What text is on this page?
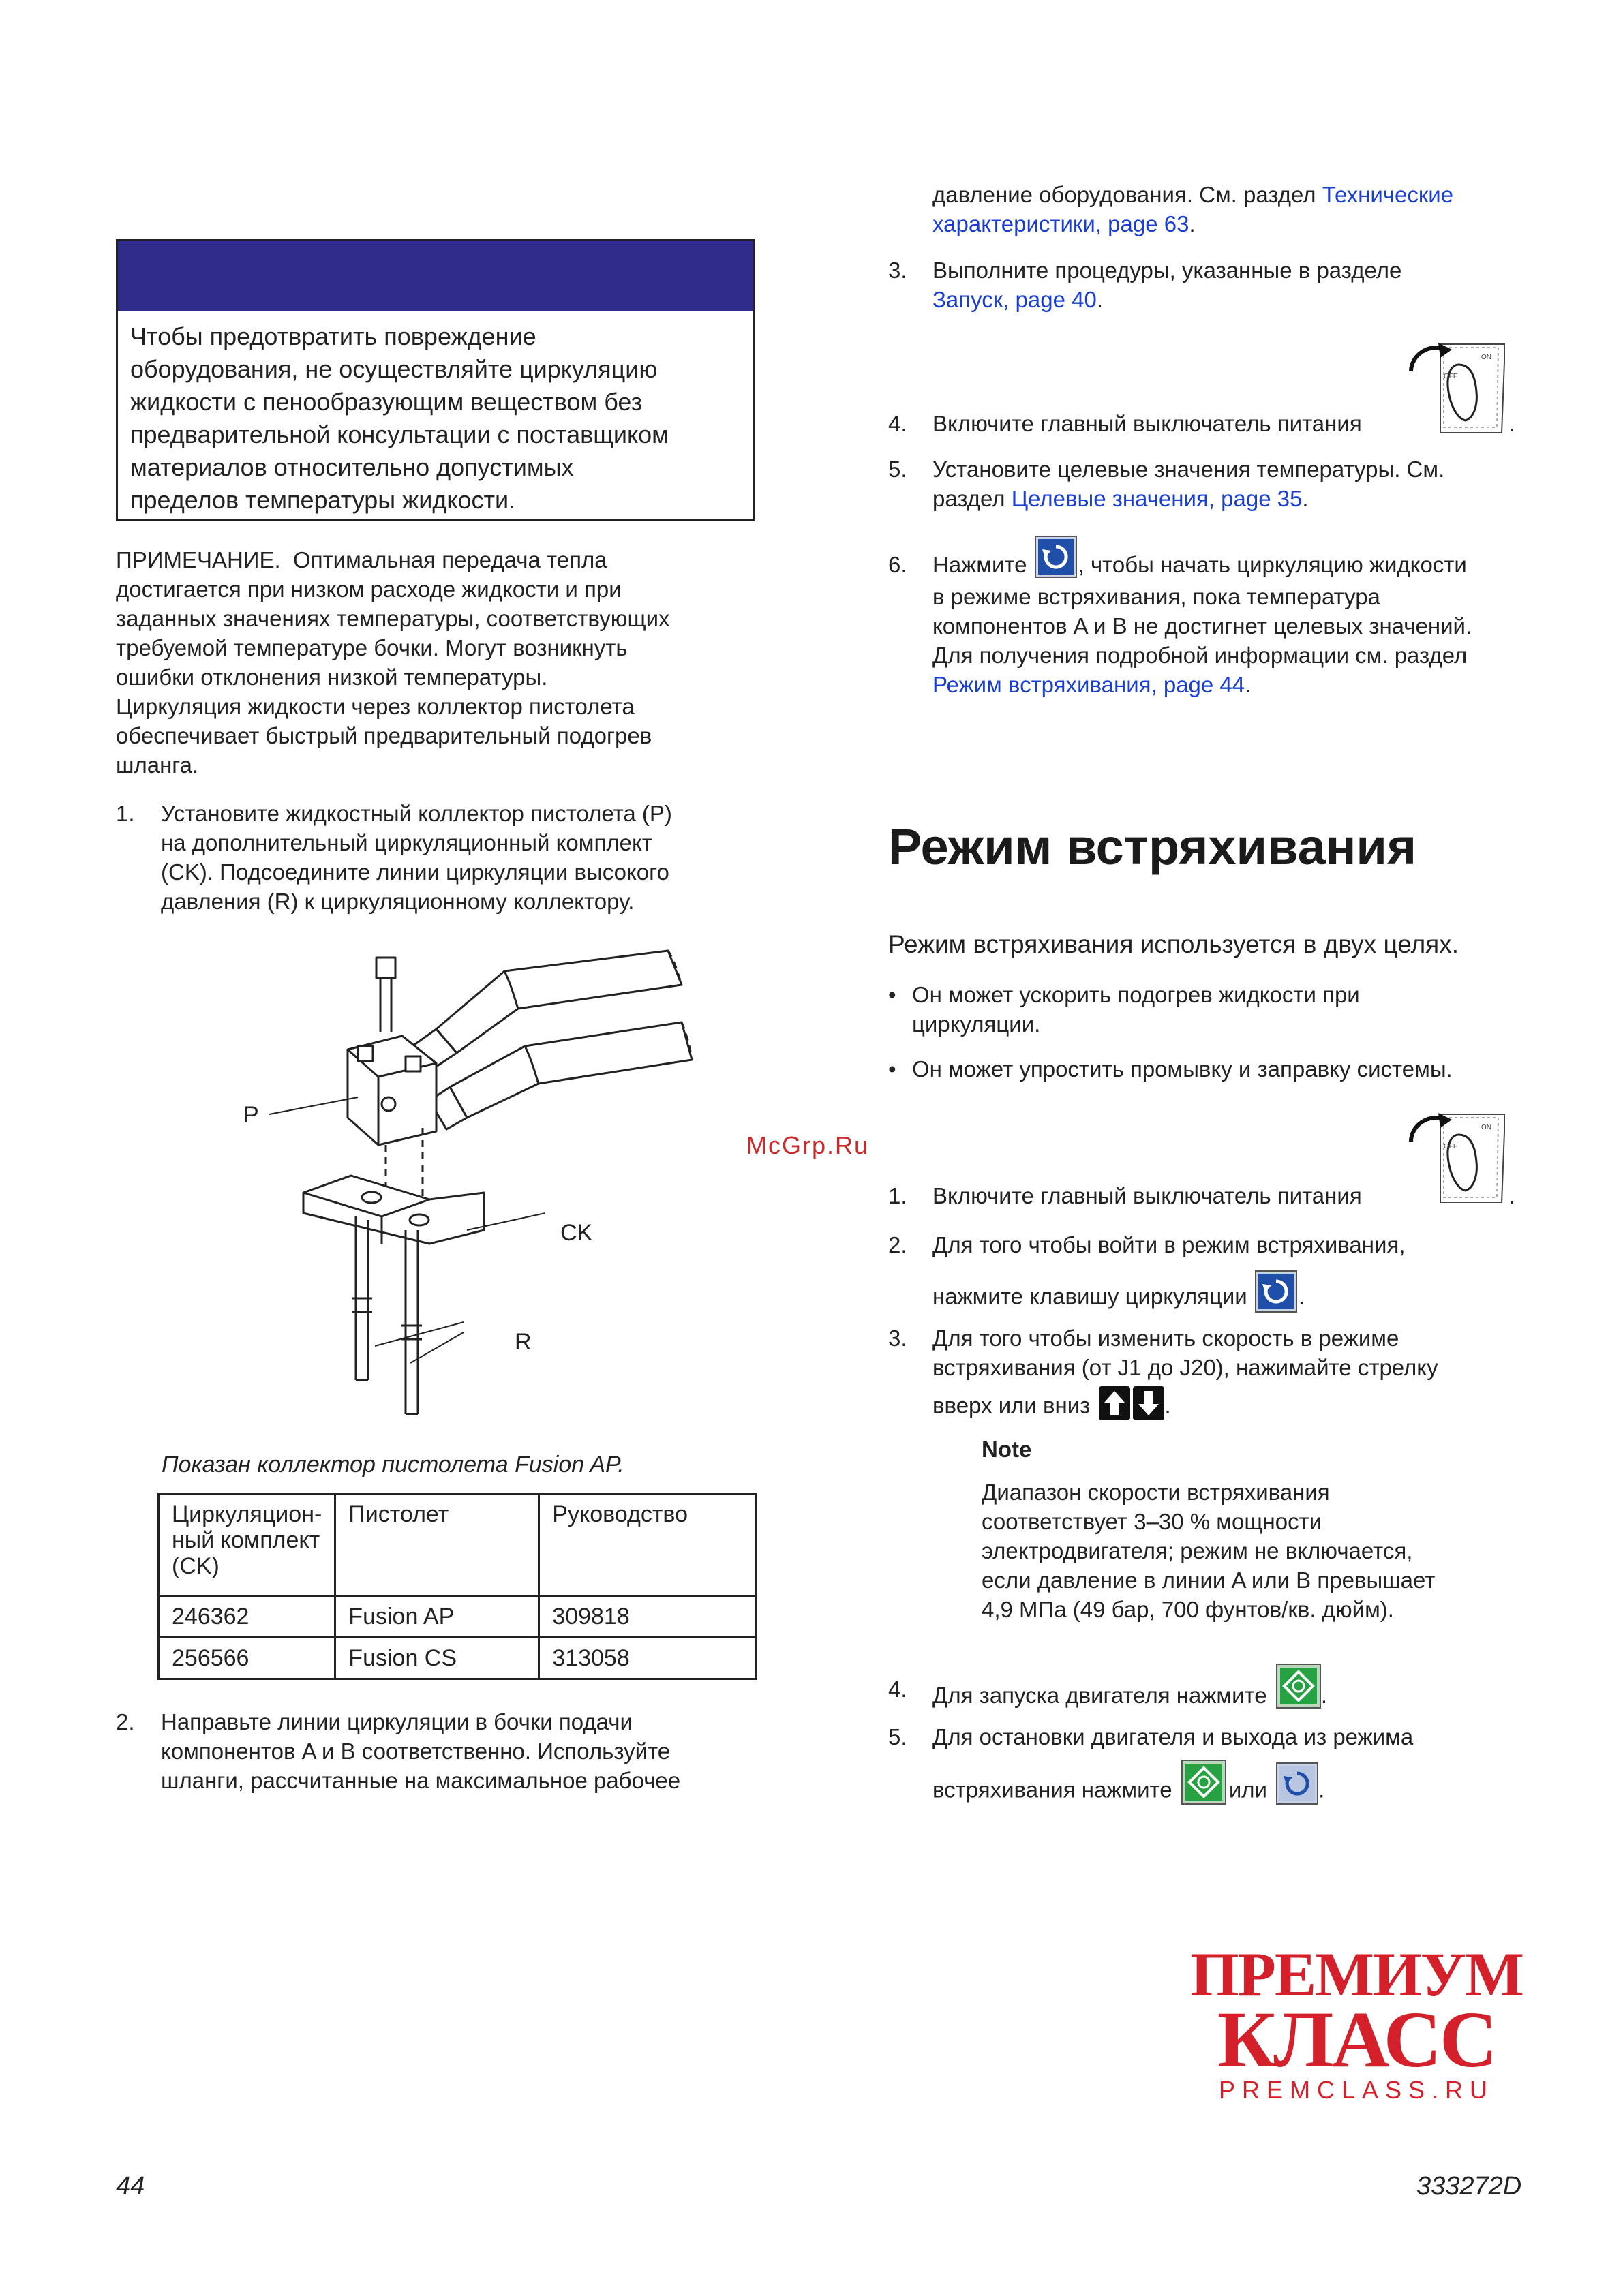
Чтобы предотвратить повреждение
оборудования, не осуществляйте циркуляцию
жидкости с пенообразующим веществом без
предварительной консультации с поставщиком
материалов относительно допустимых
пределов температуры жидкости.
ПРИМЕЧАНИЕ. Оптимальная передача тепла
достигается при низком расходе жидкости и при
заданных значениях температуры, соответствующих
требуемой температуре бочки. Могут возникнуть
ошибки отклонения низкой температуры.
Циркуляция жидкости через коллектор пистолета
обеспечивает быстрый предварительный подогрев
шланга.
1. Установите жидкостный коллектор пистолета (P)
на дополнительный циркуляционный комплект
(CK). Подсоедините линии циркуляции высокого
давления (R) к циркуляционному коллектору.
P
CK
R
Показан коллектор пистолета Fusion AP.
Циркуляцион-
ный комплект
(CK)	Пистолет	Руководство
246362	Fusion AP	309818
256566	Fusion CS	313058
2. Направьте линии циркуляции в бочки подачи
компонентов A и B соответственно. Используйте
шланги, рассчитанные на максимальное рабочее
давление оборудования. См. раздел Технические
характеристики, page 63.
3. Выполните процедуры, указанные в разделе
Запуск, page 40.
ON
OFF
4. Включите главный выключатель питания	.
5. Установите целевые значения температуры. См.
раздел Целевые значения, page 35.
6. Нажмите , чтобы начать циркуляцию жидкости
в режиме встряхивания, пока температура
компонентов A и B не достигнет целевых значений.
Для получения подробной информации см. раздел
Режим встряхивания, page 44.
Режим встряхивания
Режим встряхивания используется в двух целях.
• Он может ускорить подогрев жидкости при
циркуляции.
• Он может упростить промывку и заправку системы.
McGrp.Ru
ON
OFF
1. Включите главный выключатель питания	.
2. Для того чтобы войти в режим встряхивания,
нажмите клавишу циркуляции .
3. Для того чтобы изменить скорость в режиме
встряхивания (от J1 до J20), нажимайте стрелку
вверх или вниз	.
Note
Диапазон скорости встряхивания
соответствует 3–30 % мощности
электродвигателя; режим не включается,
если давление в линии A или B превышает
4,9 МПа (49 бар, 700 фунтов/кв. дюйм).
4. Для запуска двигателя нажмите .
5. Для остановки двигателя и выхода из режима
встряхивания нажмите	или .
ПРЕМИУМ
КЛАСС
PREMCLASS.RU
44	333272D
